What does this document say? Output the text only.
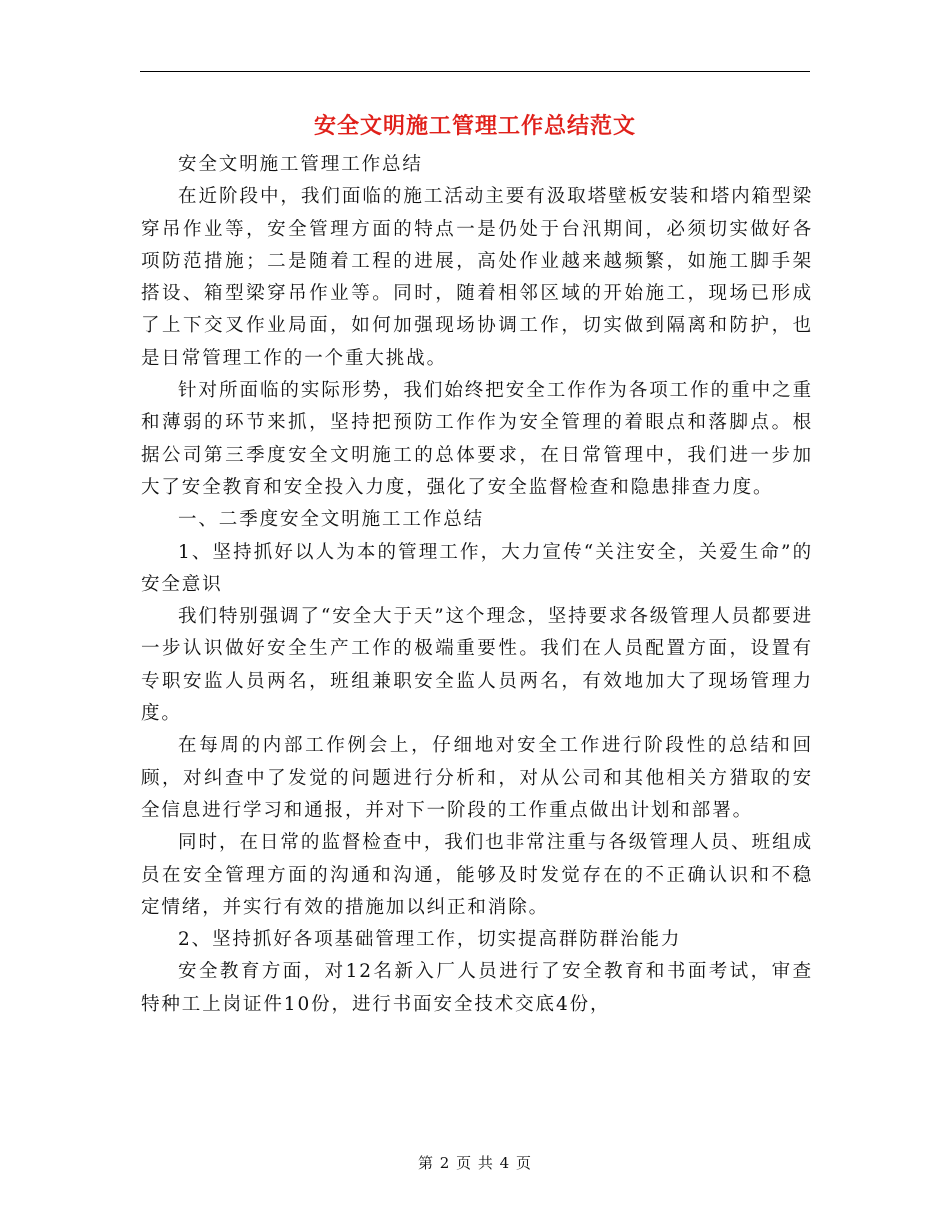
安全文明施工管理工作总结范文

安全文明施工管理工作总结

在近阶段中，我们面临的施工活动主要有汲取塔壁板安装和塔内箱型梁穿吊作业等，安全管理方面的特点一是仍处于台汛期间，必须切实做好各项防范措施；二是随着工程的进展，高处作业越来越频繁，如施工脚手架搭设、箱型梁穿吊作业等。同时，随着相邻区域的开始施工，现场已形成了上下交叉作业局面，如何加强现场协调工作，切实做到隔离和防护，也是日常管理工作的一个重大挑战。

针对所面临的实际形势，我们始终把安全工作作为各项工作的重中之重和薄弱的环节来抓，坚持把预防工作作为安全管理的着眼点和落脚点。根据公司第三季度安全文明施工的总体要求，在日常管理中，我们进一步加大了安全教育和安全投入力度，强化了安全监督检查和隐患排查力度。

一、二季度安全文明施工工作总结

1、坚持抓好以人为本的管理工作，大力宣传“关注安全，关爱生命”的安全意识

我们特别强调了“安全大于天”这个理念，坚持要求各级管理人员都要进一步认识做好安全生产工作的极端重要性。我们在人员配置方面，设置有专职安监人员两名，班组兼职安全监人员两名，有效地加大了现场管理力度。

在每周的内部工作例会上，仔细地对安全工作进行阶段性的总结和回顾，对纠查中了发觉的问题进行分析和，对从公司和其他相关方猎取的安全信息进行学习和通报，并对下一阶段的工作重点做出计划和部署。

同时，在日常的监督检查中，我们也非常注重与各级管理人员、班组成员在安全管理方面的沟通和沟通，能够及时发觉存在的不正确认识和不稳定情绪，并实行有效的措施加以纠正和消除。

2、坚持抓好各项基础管理工作，切实提高群防群治能力

安全教育方面，对12名新入厂人员进行了安全教育和书面考试，审查特种工上岗证件10份，进行书面安全技术交底4份，

第 2 页 共 4 页
